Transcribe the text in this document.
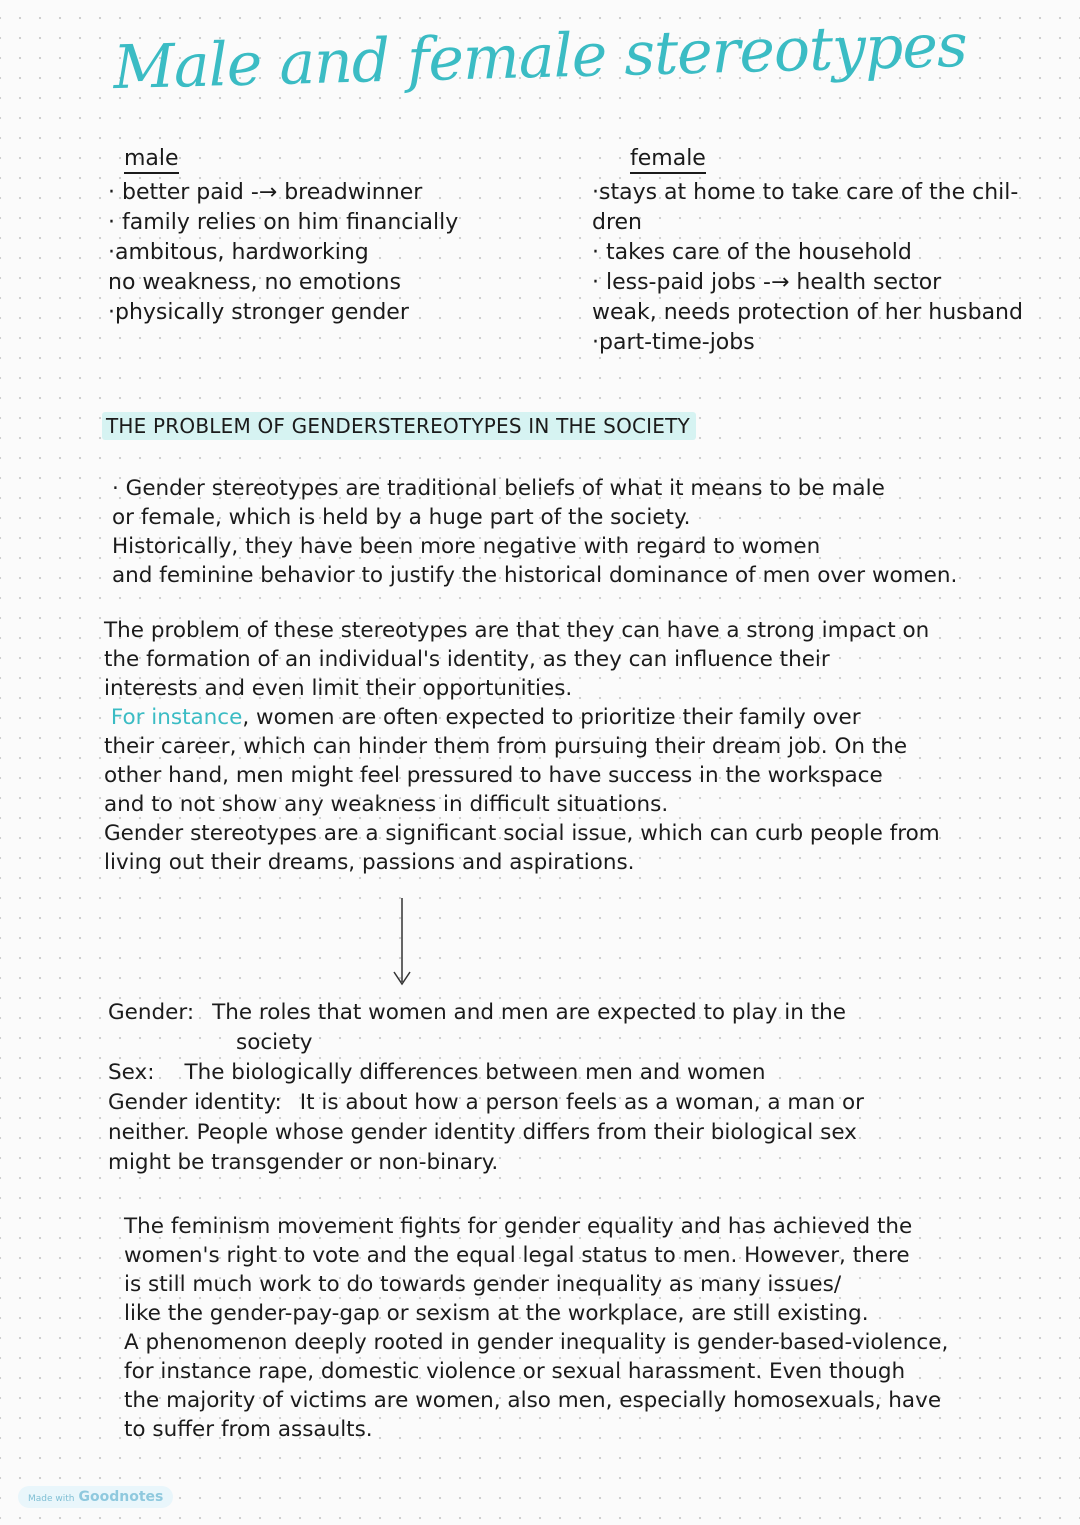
Male and female stereotypes
male
· better paid -→ breadwinner
· family relies on him financially
·ambitous, hardworking
no weakness, no emotions
·physically stronger gender
female
·stays at home to take care of the chil-
dren
· takes care of the household
· less-paid jobs -→ health sector
weak, needs protection of her husband
·part-time-jobs
THE PROBLEM OF GENDERSTEREOTYPES IN THE SOCIETY

· Gender stereotypes are traditional beliefs of what it means to be male

or female, which is held by a huge part of the society.

Historically, they have been more negative with regard to women

and feminine behavior to justify the historical dominance of men over women.

The problem of these stereotypes are that they can have a strong impact on

the formation of an individual's identity, as they can influence their

interests and even limit their opportunities.

For instance, women are often expected to prioritize their family over

their career, which can hinder them from pursuing their dream job. On the

other hand, men might feel pressured to have success in the workspace

and to not show any weakness in difficult situations.

Gender stereotypes are a significant social issue, which can curb people from

living out their dreams, passions and aspirations.

Gender: The roles that women and men are expected to play in the
society
Sex: The biologically differences between men and women
Gender identity: It is about how a person feels as a woman, a man or
neither. People whose gender identity differs from their biological sex
might be transgender or non-binary.

The feminism movement fights for gender equality and has achieved the

women's right to vote and the equal legal status to men. However, there

is still much work to do towards gender inequality as many issues/

like the gender-pay-gap or sexism at the workplace, are still existing.

A phenomenon deeply rooted in gender inequality is gender-based-violence,

for instance rape, domestic violence or sexual harassment. Even though

the majority of victims are women, also men, especially homosexuals, have

to suffer from assaults.

Made with Goodnotes
